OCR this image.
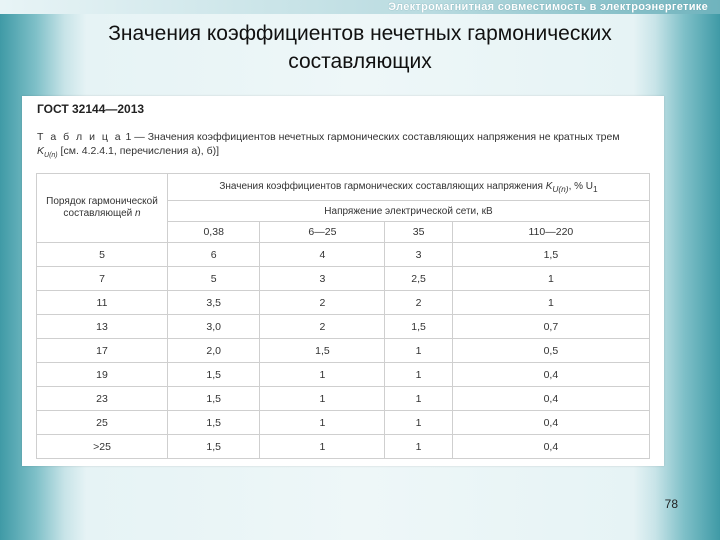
Электромагнитная совместимость в электроэнергетике
Значения коэффициентов нечетных гармонических
составляющих
ГОСТ 32144—2013
Т а б л и ц а 1 — Значения коэффициентов нечетных гармонических составляющих напряжения не кратных трем
$K_{U(n)}$ [см. 4.2.4.1, перечисления а), б)]
Порядок гармонической
составляющей n	Значения коэффициентов гармонических составляющих напряжения $K_{U(n)}$, % $U_1$
	Напряжение электрической сети, кВ			
	0,38	6—25	35	110—220
5	6	4	3	1,5
7	5	3	2,5	1
11	3,5	2	2	1
13	3,0	2	1,5	0,7
17	2,0	1,5	1	0,5
19	1,5	1	1	0,4
23	1,5	1	1	0,4
25	1,5	1	1	0,4
>25	1,5	1	1	0,4
78
